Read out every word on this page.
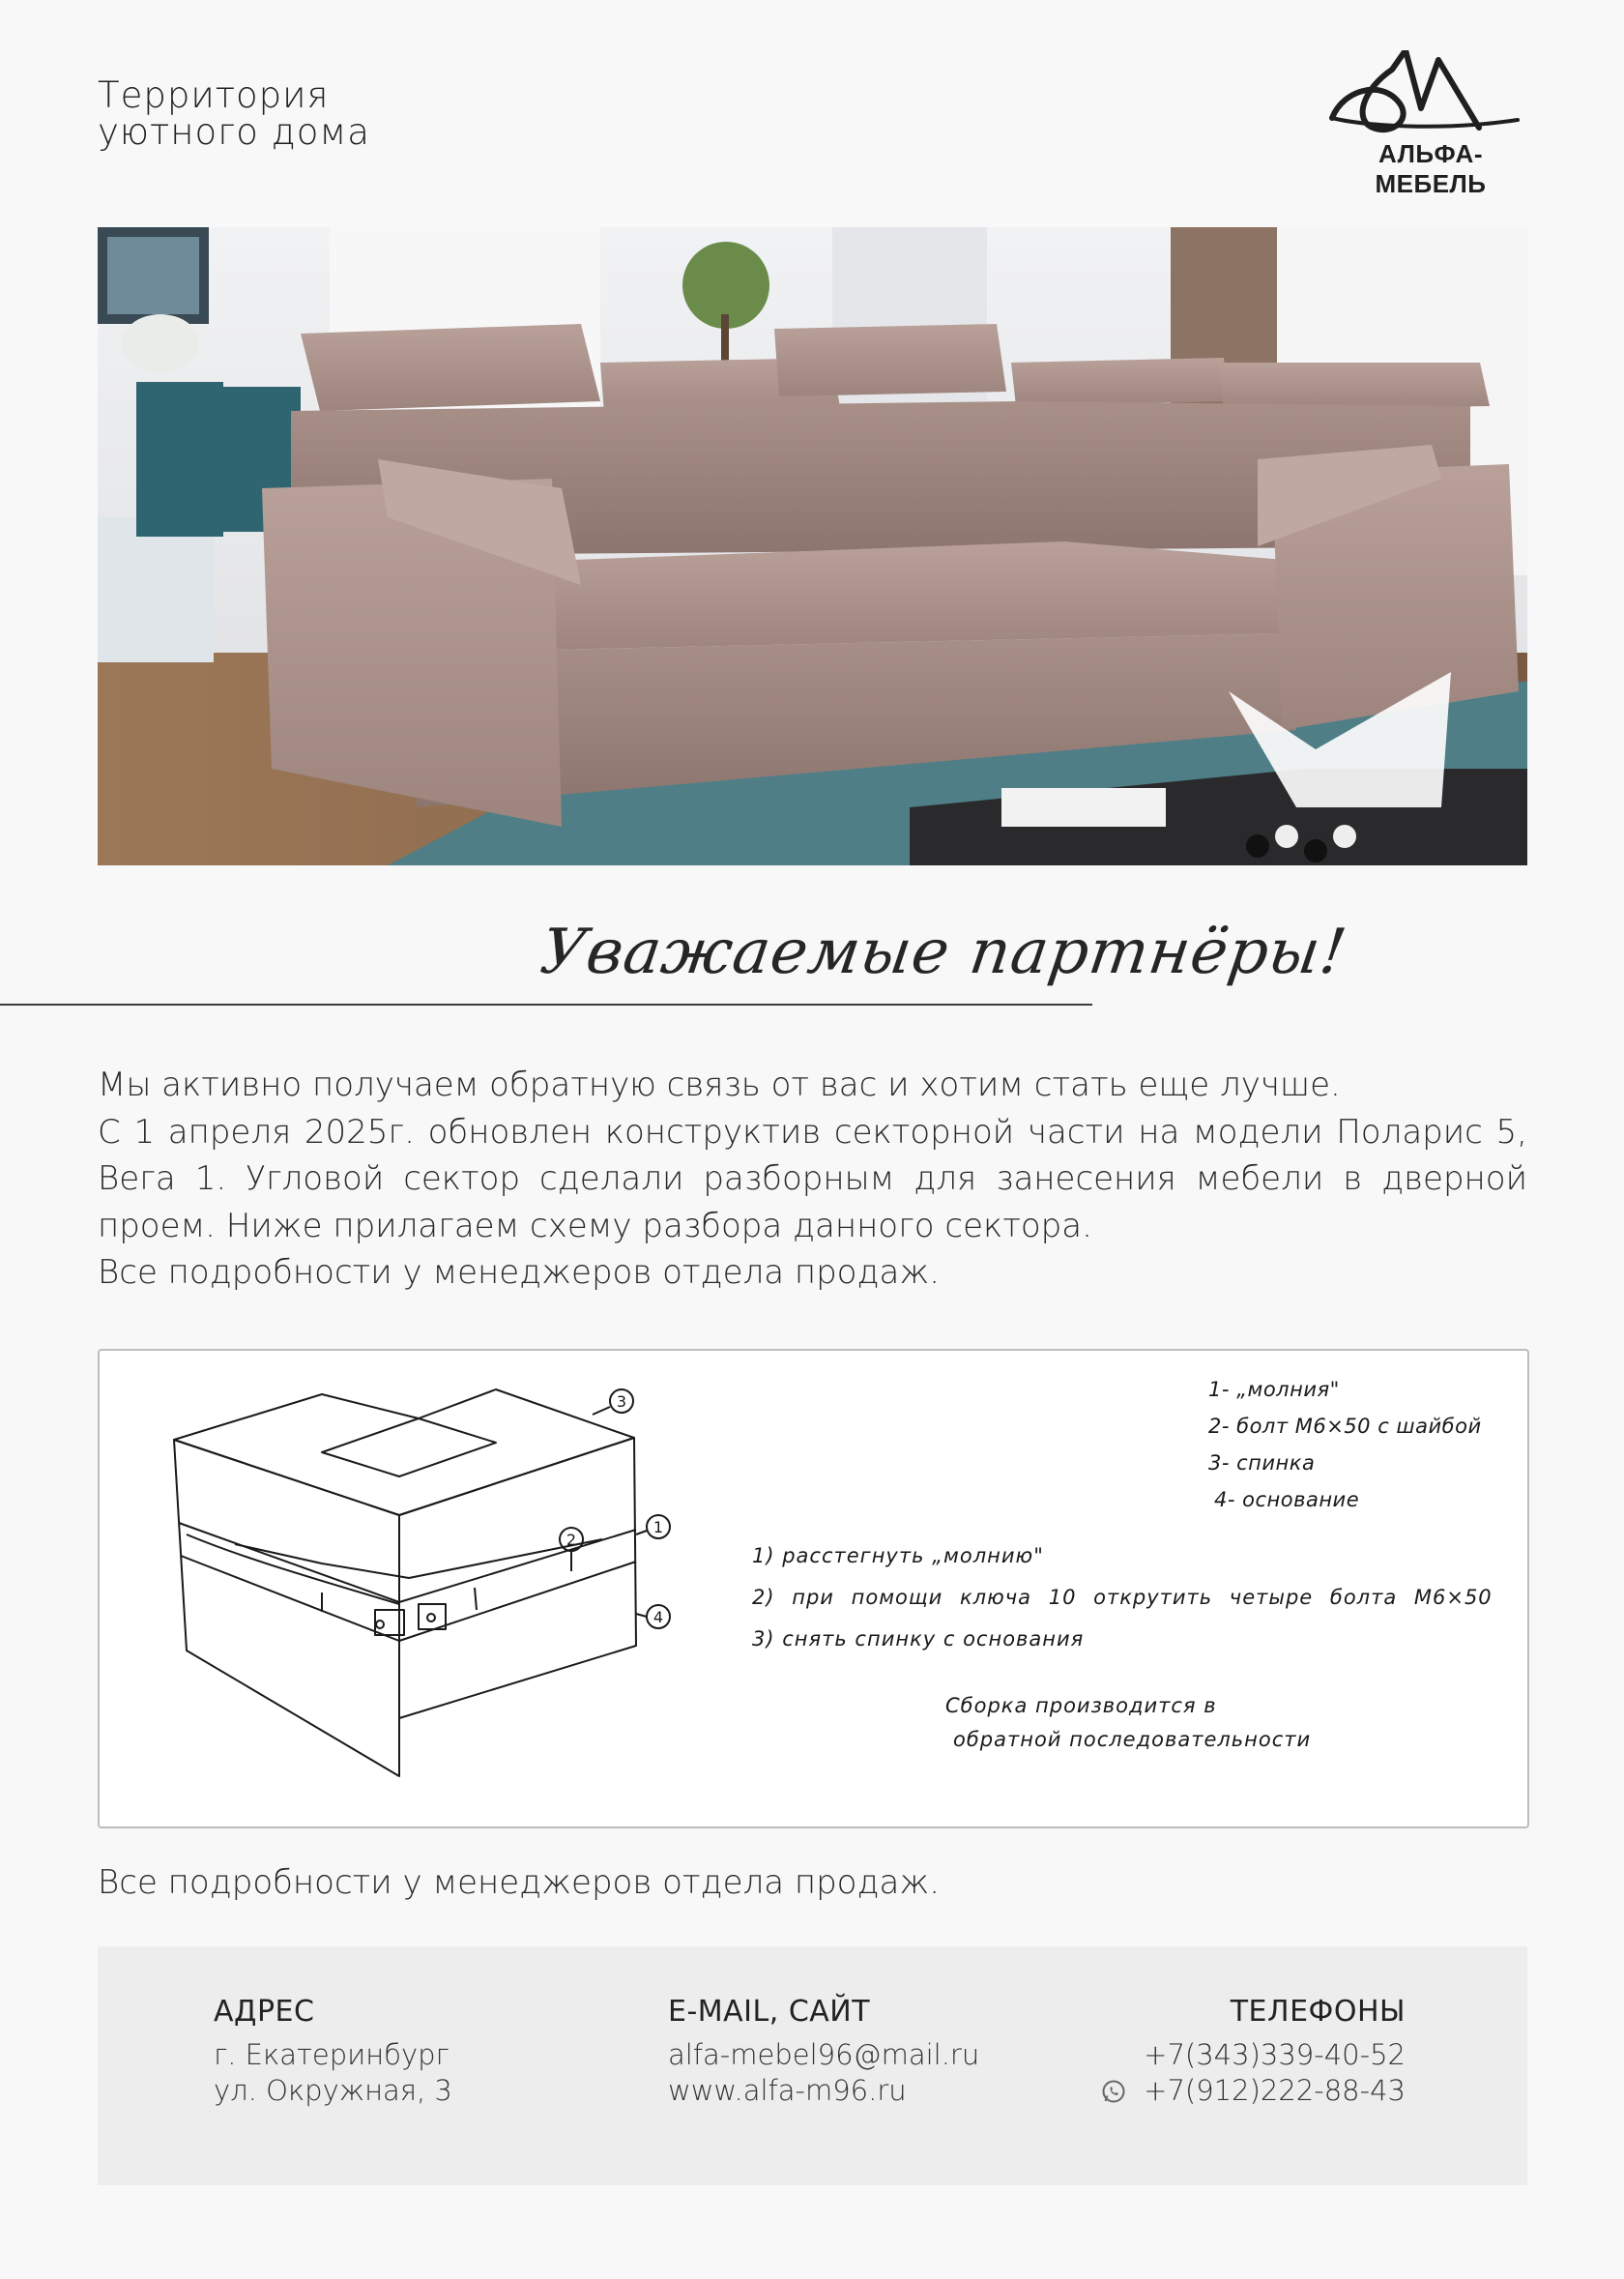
Территория
уютного дома
АЛЬФА-МЕБЕЛЬ
Уважаемые партнёры!

Мы активно получаем обратную связь от вас и хотим стать еще лучше.

С 1 апреля 2025г. обновлен конструктив секторной части на модели Поларис 5, Вега 1. Угловой сектор сделали разборным для занесения мебели в дверной проем. Ниже прилагаем схему разбора данного сектора.

Все подробности у менеджеров отдела продаж.

3
1
2
4
1- „молния"
2- болт М6×50 с шайбой
3- спинка
4- основание
1) расстегнуть „молнию"
2) при помощи ключа 10 открутить четыре болта М6×50
3) снять спинку с основания
Сборка производится в
обратной последовательности
Все подробности у менеджеров отдела продаж.
АДРЕС
г. Екатеринбург
ул. Окружная, 3
E-MAIL, САЙТ
alfa-mebel96@mail.ru
www.alfa-m96.ru
ТЕЛЕФОНЫ
+7(343)339-40-52
+7(912)222-88-43
